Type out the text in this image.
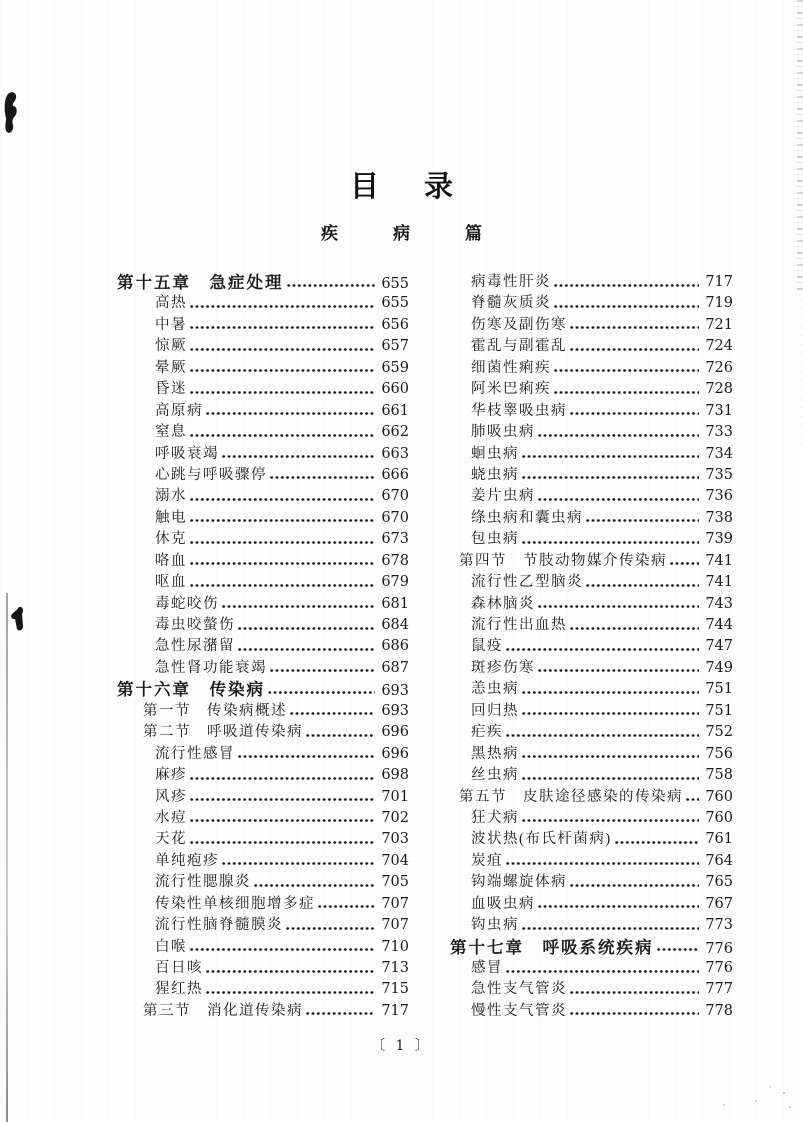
目　录
疾　病　篇
第十五章　急症处理	655
高热	655
中暑	656
惊厥	657
晕厥	659
昏迷	660
高原病	661
窒息	662
呼吸衰竭	663
心跳与呼吸骤停	666
溺水	670
触电	670
休克	673
咯血	678
呕血	679
毒蛇咬伤	681
毒虫咬螫伤	684
急性尿潴留	686
急性肾功能衰竭	687
第十六章　传染病	693
第一节　传染病概述	693
第二节　呼吸道传染病	696
流行性感冒	696
麻疹	698
风疹	701
水痘	702
天花	703
单纯疱疹	704
流行性腮腺炎	705
传染性单核细胞增多症	707
流行性脑脊髓膜炎	707
白喉	710
百日咳	713
猩红热	715
第三节　消化道传染病	717
病毒性肝炎	717
脊髓灰质炎	719
伤寒及副伤寒	721
霍乱与副霍乱	724
细菌性痢疾	726
阿米巴痢疾	728
华枝睾吸虫病	731
肺吸虫病	733
蛔虫病	734
蛲虫病	735
姜片虫病	736
绦虫病和囊虫病	738
包虫病	739
第四节　节肢动物媒介传染病	741
流行性乙型脑炎	741
森林脑炎	743
流行性出血热	744
鼠疫	747
斑疹伤寒	749
恙虫病	751
回归热	751
疟疾	752
黑热病	756
丝虫病	758
第五节　皮肤途径感染的传染病 760
狂犬病	760
波状热(布氏杆菌病)	761
炭疽	764
钩端螺旋体病	765
血吸虫病	767
钩虫病	773
第十七章　呼吸系统疾病	776
感冒	776
急性支气管炎	777
慢性支气管炎	778
〔 1 〕
